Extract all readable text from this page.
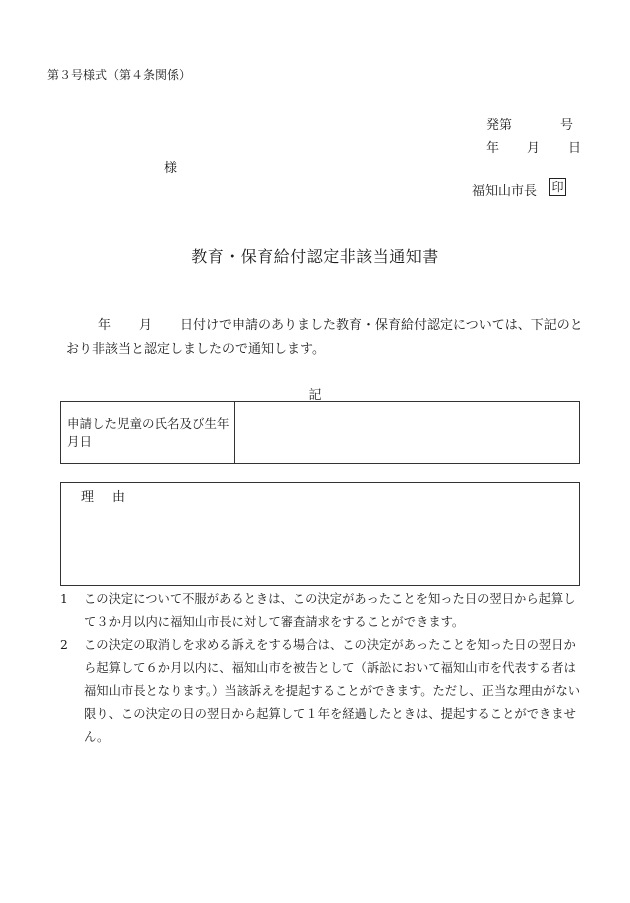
第３号様式（第４条関係）
発第	号
年 月 日
様
福知山市長 印
教育・保育給付認定非該当通知書
年 月 日付けで申請のありました教育・保育給付認定については、下記のとおり非該当と認定しましたので通知します。
記
申請した児童の氏名及び生年月日
理 由
1	この決定について不服があるときは、この決定があったことを知った日の翌日から起算して３か月以内に福知山市長に対して審査請求をすることができます。
2	この決定の取消しを求める訴えをする場合は、この決定があったことを知った日の翌日から起算して６か月以内に、福知山市を被告として（訴訟において福知山市を代表する者は福知山市長となります。）当該訴えを提起することができます。ただし、正当な理由がない限り、この決定の日の翌日から起算して１年を経過したときは、提起することができません。
